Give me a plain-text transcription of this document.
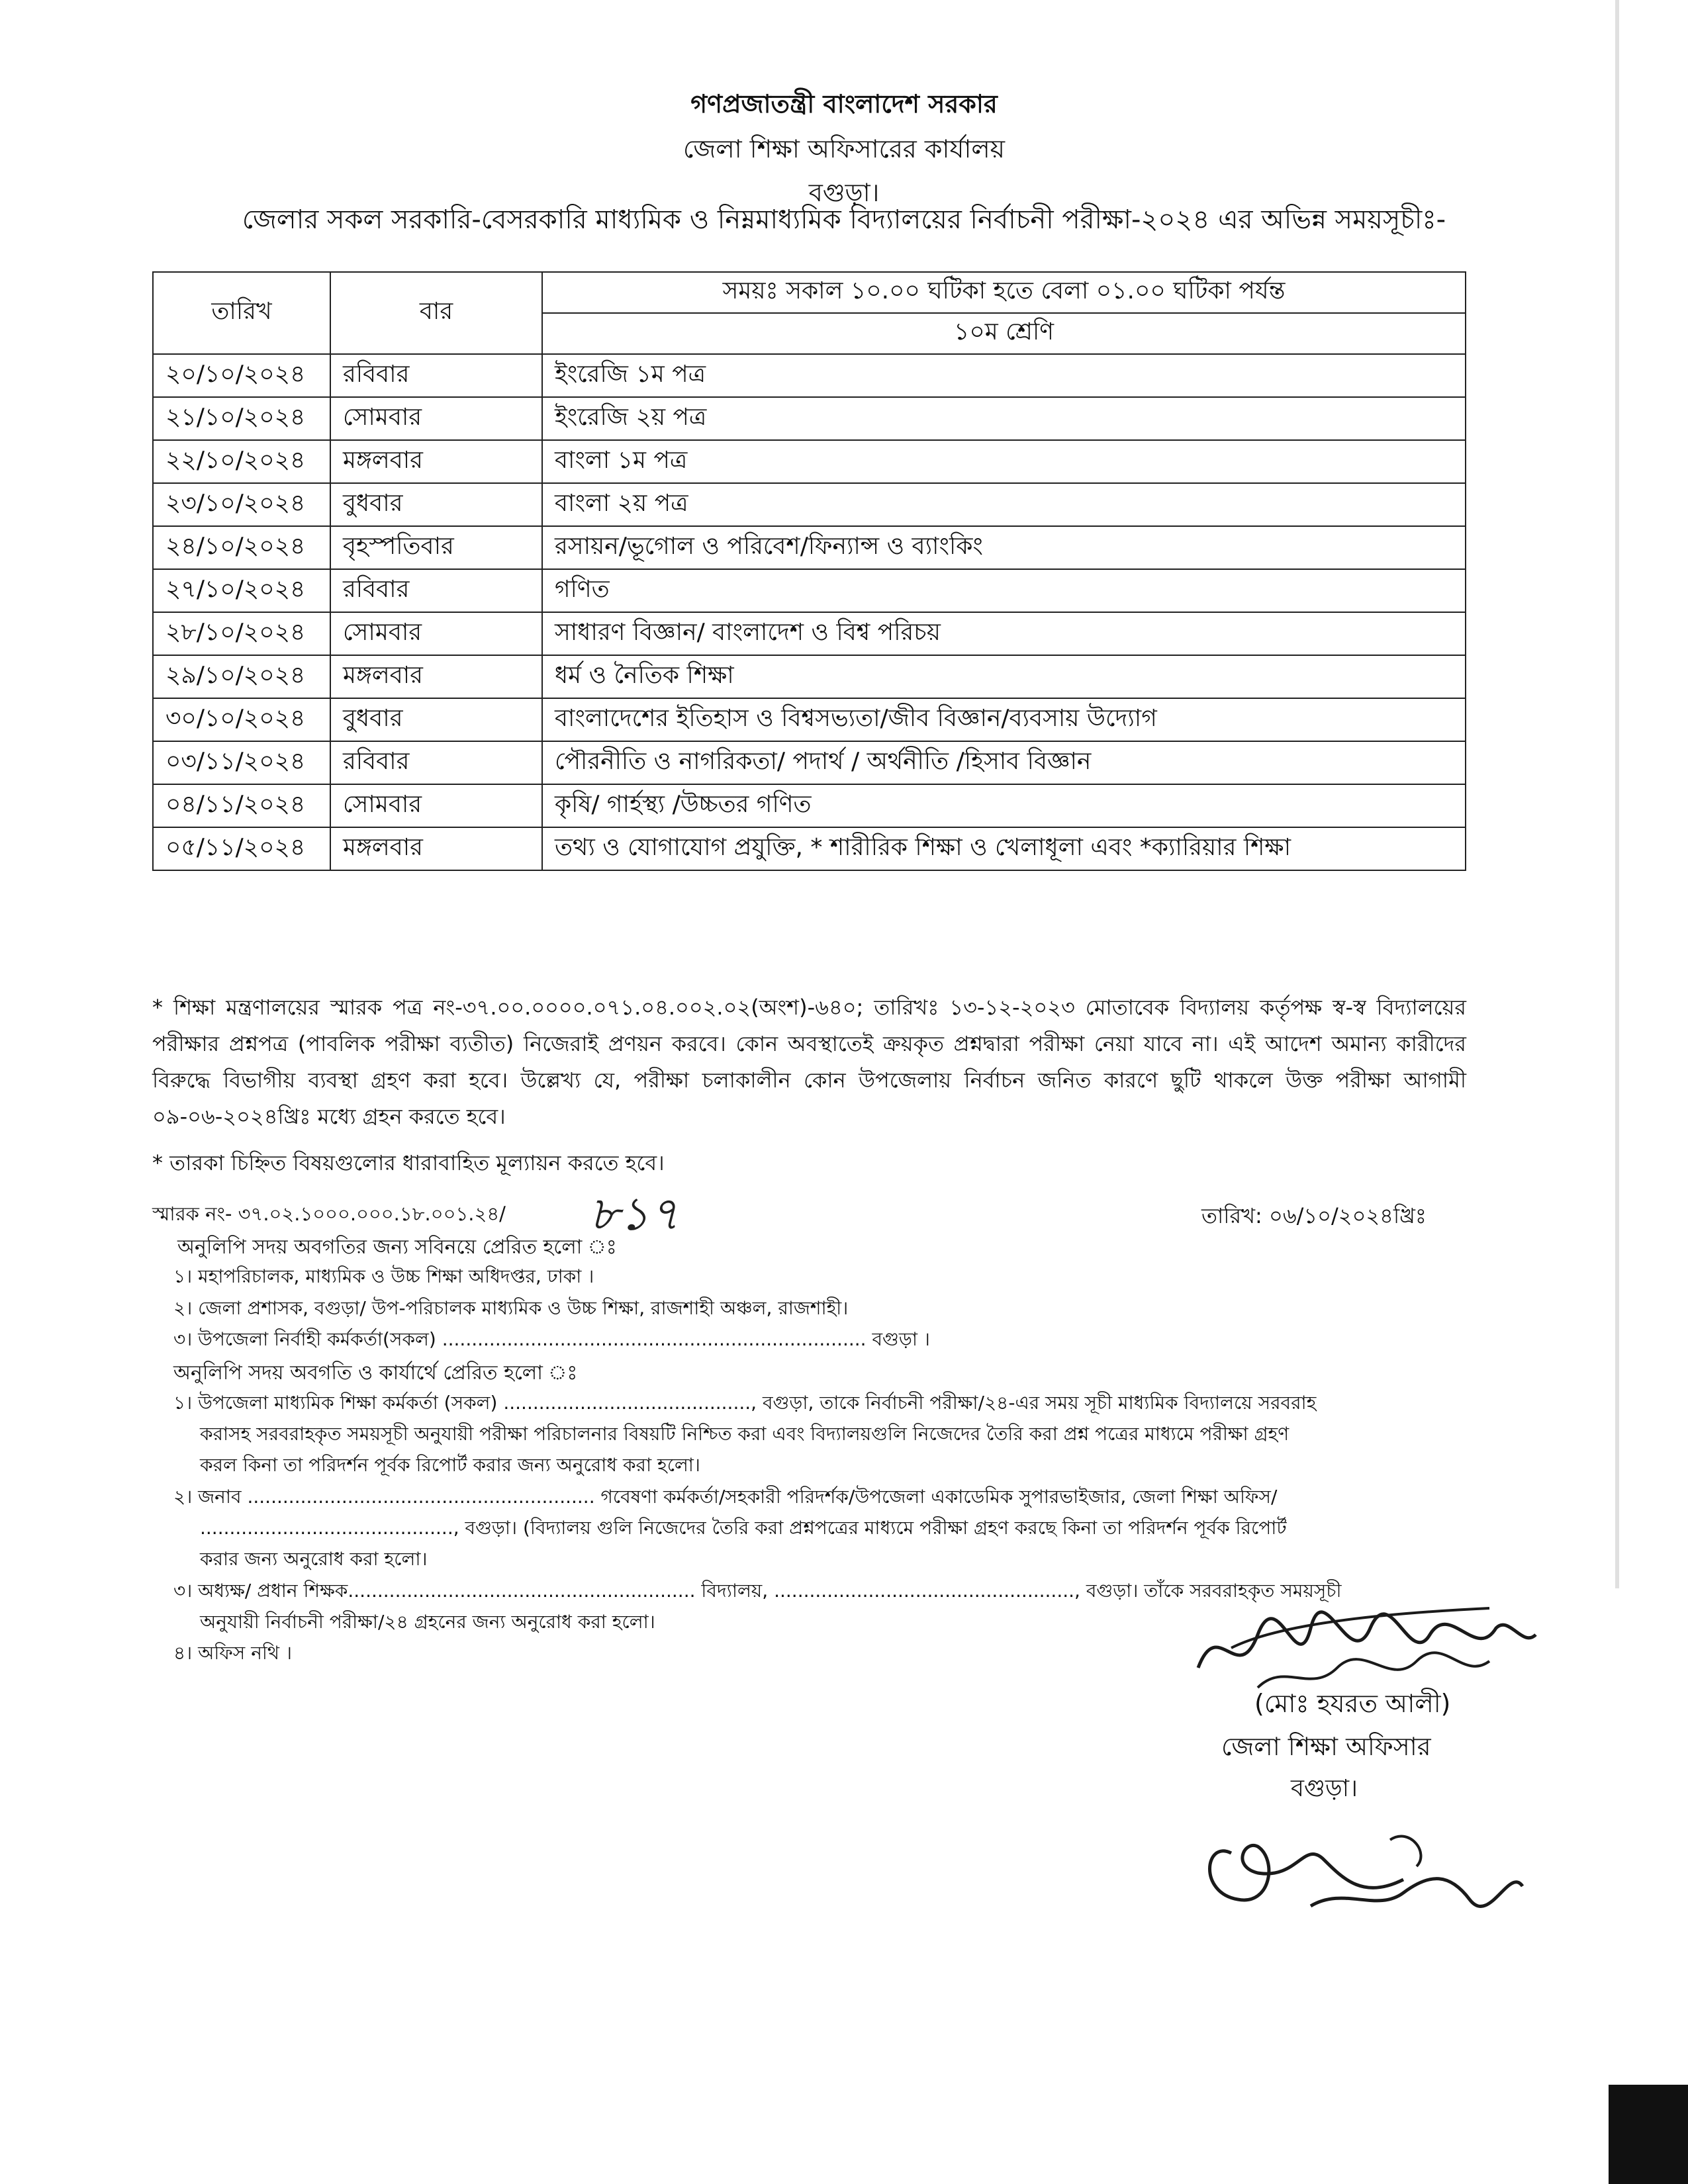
গণপ্রজাতন্ত্রী বাংলাদেশ সরকার
জেলা শিক্ষা অফিসারের কার্যালয়
বগুড়া।
জেলার সকল সরকারি-বেসরকারি মাধ্যমিক ও নিম্নমাধ্যমিক বিদ্যালয়ের নির্বাচনী পরীক্ষা-২০২৪ এর অভিন্ন সময়সূচীঃ-
তারিখ	বার	সময়ঃ সকাল ১০.০০ ঘটিকা হতে বেলা ০১.০০ ঘটিকা পর্যন্ত
		১০ম শ্রেণি
২০/১০/২০২৪	রবিবার	ইংরেজি ১ম পত্র
২১/১০/২০২৪	সোমবার	ইংরেজি ২য় পত্র
২২/১০/২০২৪	মঙ্গলবার	বাংলা ১ম পত্র
২৩/১০/২০২৪	বুধবার	বাংলা ২য় পত্র
২৪/১০/২০২৪	বৃহস্পতিবার	রসায়ন/ভূগোল ও পরিবেশ/ফিন্যান্স ও ব্যাংকিং
২৭/১০/২০২৪	রবিবার	গণিত
২৮/১০/২০২৪	সোমবার	সাধারণ বিজ্ঞান/ বাংলাদেশ ও বিশ্ব পরিচয়
২৯/১০/২০২৪	মঙ্গলবার	ধর্ম ও নৈতিক শিক্ষা
৩০/১০/২০২৪	বুধবার	বাংলাদেশের ইতিহাস ও বিশ্বসভ্যতা/জীব বিজ্ঞান/ব্যবসায় উদ্যোগ
০৩/১১/২০২৪	রবিবার	পৌরনীতি ও নাগরিকতা/ পদার্থ / অর্থনীতি /হিসাব বিজ্ঞান
০৪/১১/২০২৪	সোমবার	কৃষি/ গার্হস্থ্য /উচ্চতর গণিত
০৫/১১/২০২৪	মঙ্গলবার	তথ্য ও যোগাযোগ প্রযুক্তি, * শারীরিক শিক্ষা ও খেলাধূলা এবং *ক্যারিয়ার শিক্ষা
* শিক্ষা মন্ত্রণালয়ের স্মারক পত্র নং-৩৭.০০.০০০০.০৭১.০৪.০০২.০২(অংশ)-৬৪০; তারিখঃ ১৩-১২-২০২৩ মোতাবেক বিদ্যালয় কর্তৃপক্ষ স্ব-স্ব বিদ্যালয়ের পরীক্ষার প্রশ্নপত্র (পাবলিক পরীক্ষা ব্যতীত) নিজেরাই প্রণয়ন করবে। কোন অবস্থাতেই ক্রয়কৃত প্রশ্নদ্বারা পরীক্ষা নেয়া যাবে না। এই আদেশ অমান্য কারীদের বিরুদ্ধে বিভাগীয় ব্যবস্থা গ্রহণ করা হবে। উল্লেখ্য যে, পরীক্ষা চলাকালীন কোন উপজেলায় নির্বাচন জনিত কারণে ছুটি থাকলে উক্ত পরীক্ষা আগামী ০৯-০৬-২০২৪খ্রিঃ মধ্যে গ্রহন করতে হবে।
* তারকা চিহ্নিত বিষয়গুলোর ধারাবাহিত মূল্যায়ন করতে হবে।
স্মারক নং- ৩৭.০২.১০০০.০০০.১৮.০০১.২৪/ ৮১৭	তারিখ: ০৬/১০/২০২৪খ্রিঃ
অনুলিপি সদয় অবগতির জন্য সবিনয়ে প্রেরিত হলো ঃ
১। মহাপরিচালক, মাধ্যমিক ও উচ্চ শিক্ষা অধিদপ্তর, ঢাকা ।
২। জেলা প্রশাসক, বগুড়া/ উপ-পরিচালক মাধ্যমিক ও উচ্চ শিক্ষা, রাজশাহী অঞ্চল, রাজশাহী।
৩। উপজেলা নির্বাহী কর্মকর্তা(সকল) ........................................................................ বগুড়া ।
অনুলিপি সদয় অবগতি ও কার্যার্থে প্রেরিত হলো ঃ
১। উপজেলা মাধ্যমিক শিক্ষা কর্মকর্তা (সকল) .........................................., বগুড়া, তাকে নির্বাচনী পরীক্ষা/২৪-এর সময় সূচী মাধ্যমিক বিদ্যালয়ে সরবরাহ
করাসহ সরবরাহকৃত সময়সূচী অনুযায়ী পরীক্ষা পরিচালনার বিষয়টি নিশ্চিত করা এবং বিদ্যালয়গুলি নিজেদের তৈরি করা প্রশ্ন পত্রের মাধ্যমে পরীক্ষা গ্রহণ
করল কিনা তা পরিদর্শন পূর্বক রিপোর্ট করার জন্য অনুরোধ করা হলো।
২। জনাব ........................................................... গবেষণা কর্মকর্তা/সহকারী পরিদর্শক/উপজেলা একাডেমিক সুপারভাইজার, জেলা শিক্ষা অফিস/
..........................................., বগুড়া। (বিদ্যালয় গুলি নিজেদের তৈরি করা প্রশ্নপত্রের মাধ্যমে পরীক্ষা গ্রহণ করছে কিনা তা পরিদর্শন পূর্বক রিপোর্ট
করার জন্য অনুরোধ করা হলো।
৩। অধ্যক্ষ/ প্রধান শিক্ষক........................................................... বিদ্যালয়, ..................................................., বগুড়া। তাঁকে সরবরাহকৃত সময়সূচী
অনুযায়ী নির্বাচনী পরীক্ষা/২৪ গ্রহনের জন্য অনুরোধ করা হলো।
৪। অফিস নথি ।
(মোঃ হযরত আলী)
জেলা শিক্ষা অফিসার
বগুড়া।
